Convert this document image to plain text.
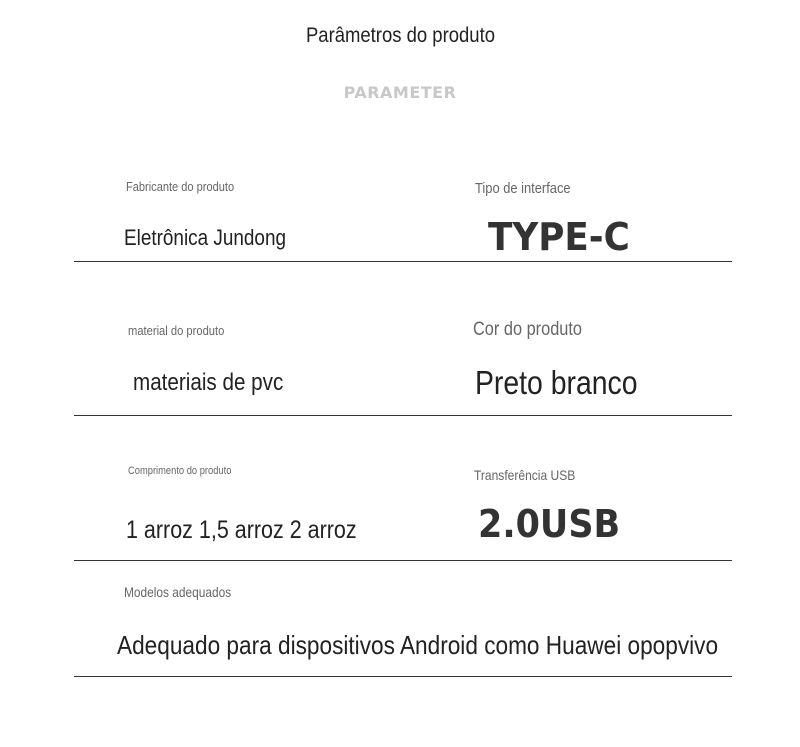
Parâmetros do produto
PARAMETER
Fabricante do produto
Eletrônica Jundong
Tipo de interface
TYPE-C
material do produto
materiais de pvc
Cor do produto
Preto branco
Comprimento do produto
1 arroz 1,5 arroz 2 arroz
Transferência USB
2.0USB
Modelos adequados
Adequado para dispositivos Android como Huawei opopvivo
